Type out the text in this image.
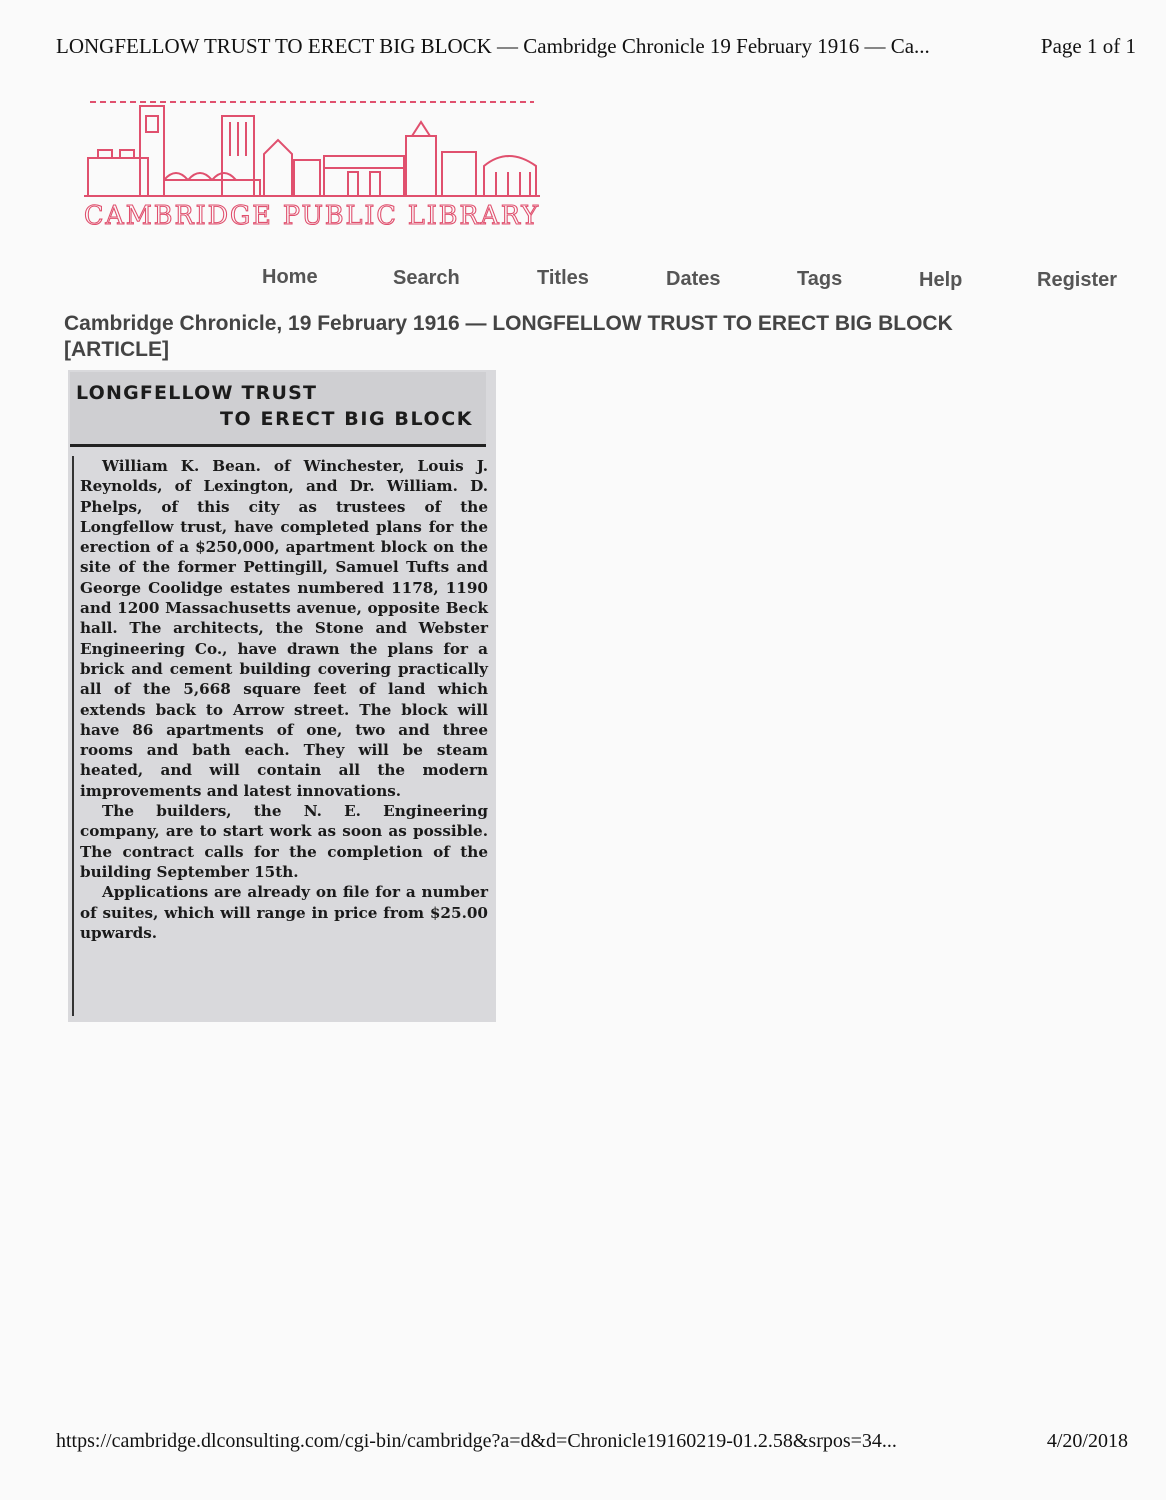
LONGFELLOW TRUST TO ERECT BIG BLOCK — Cambridge Chronicle 19 February 1916 — Ca...	Page 1 of 1
CAMBRIDGE PUBLIC LIBRARY
Home	Search	Titles	Dates	Tags	Help	Register
Cambridge Chronicle, 19 February 1916 — LONGFELLOW TRUST TO ERECT BIG BLOCK
[ARTICLE]
LONGFELLOW TRUST
TO ERECT BIG BLOCK

William K. Bean. of Winchester, Louis J. Reynolds, of Lexington, and Dr. William. D. Phelps, of this city as trustees of the Longfellow trust, have completed plans for the erection of a $250,000, apartment block on the site of the former Pettingill, Samuel Tufts and George Coolidge estates numbered 1178, 1190 and 1200 Massachusetts avenue, opposite Beck hall. The architects, the Stone and Webster Engineering Co., have drawn the plans for a brick and cement building covering practically all of the 5,668 square feet of land which extends back to Arrow street. The block will have 86 apartments of one, two and three rooms and bath each. They will be steam heated, and will contain all the modern improvements and latest innovations.

The builders, the N. E. Engineering company, are to start work as soon as possible. The contract calls for the completion of the building September 15th.

Applications are already on file for a number of suites, which will range in price from $25.00 upwards.

https://cambridge.dlconsulting.com/cgi-bin/cambridge?a=d&d=Chronicle19160219-01.2.58&srpos=34...	4/20/2018
